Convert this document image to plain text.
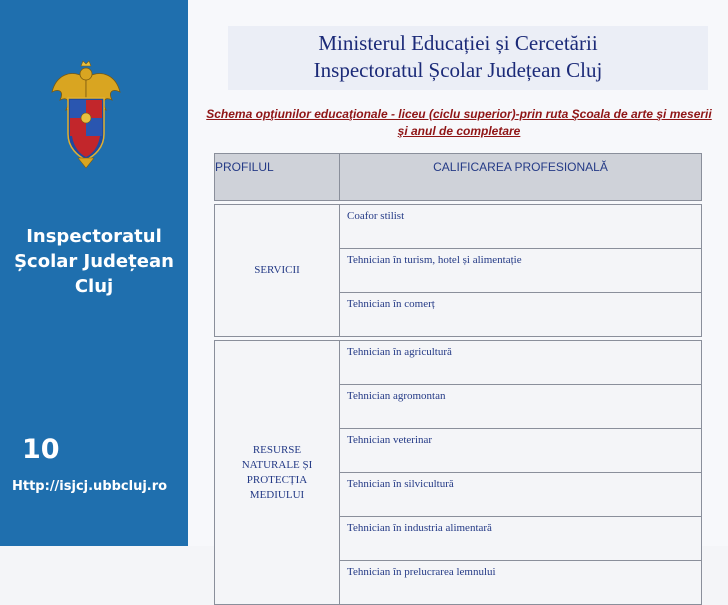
Inspectoratul
Școlar Județean
Cluj
10
Http://isjcj.ubbcluj.ro
Ministerul Educației și Cercetării
Inspectoratul Școlar Județean Cluj
Schema opţiunilor educaţionale - liceu (ciclu superior)-prin ruta Şcoala de arte şi meserii şi anul de completare
PROFILUL	CALIFICAREA PROFESIONALĂ

SERVICII	Coafor stilist
	Tehnician în turism, hotel și alimentație
	Tehnician în comerț

RESURSE NATURALE ȘI PROTECȚIA MEDIULUI	Tehnician în agricultură
	Tehnician agromontan
	Tehnician veterinar
	Tehnician în silvicultură
	Tehnician în industria alimentară
	Tehnician în prelucrarea lemnului
